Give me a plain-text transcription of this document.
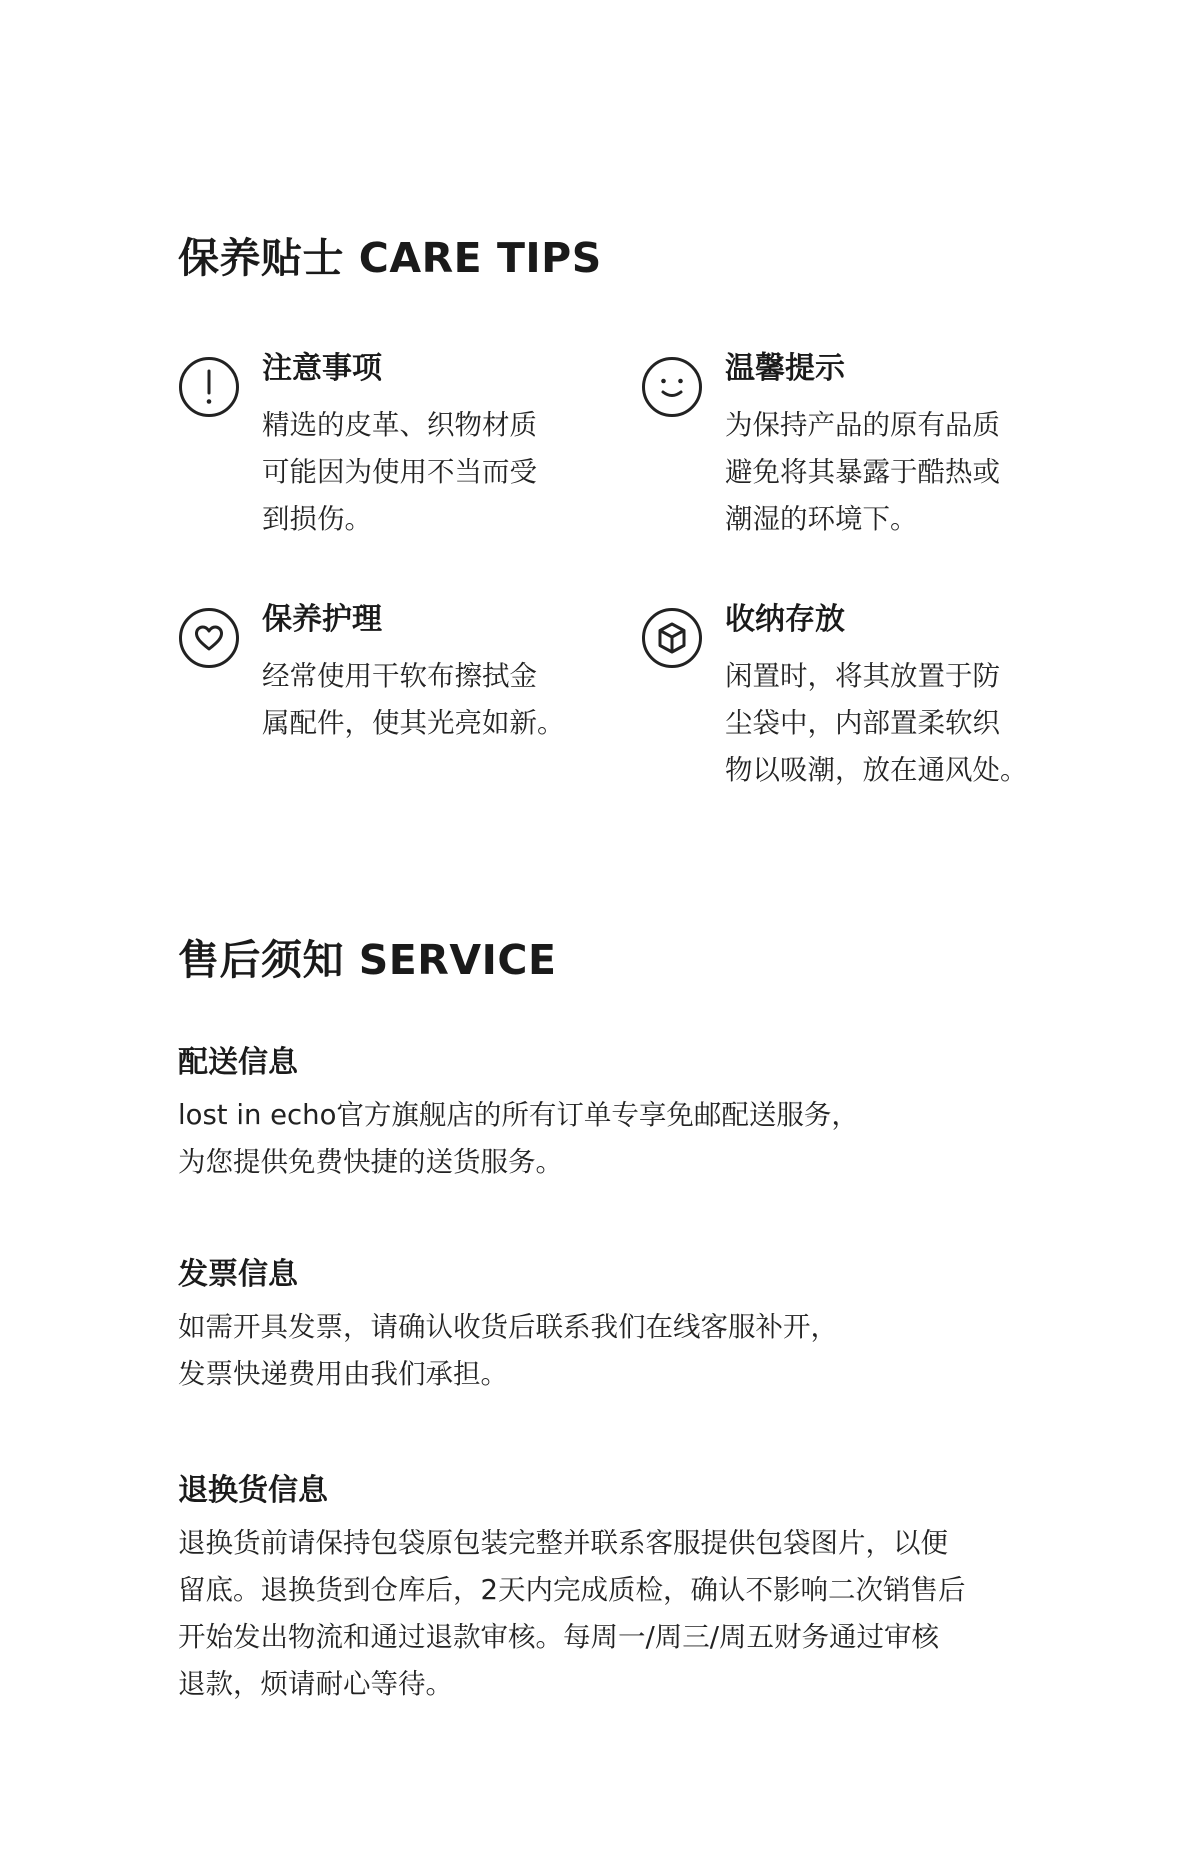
保养贴士 CARE TIPS
注意事项
精选的皮革、织物材质
可能因为使用不当而受
到损伤。
温馨提示
为保持产品的原有品质
避免将其暴露于酷热或
潮湿的环境下。
保养护理
经常使用干软布擦拭金
属配件，使其光亮如新。
收纳存放
闲置时，将其放置于防
尘袋中，内部置柔软织
物以吸潮，放在通风处。
售后须知 SERVICE
配送信息
lost in echo官方旗舰店的所有订单专享免邮配送服务，
为您提供免费快捷的送货服务。
发票信息
如需开具发票，请确认收货后联系我们在线客服补开，
发票快递费用由我们承担。
退换货信息
退换货前请保持包袋原包装完整并联系客服提供包袋图片，以便
留底。退换货到仓库后，2天内完成质检，确认不影响二次销售后
开始发出物流和通过退款审核。每周一/周三/周五财务通过审核
退款，烦请耐心等待。
